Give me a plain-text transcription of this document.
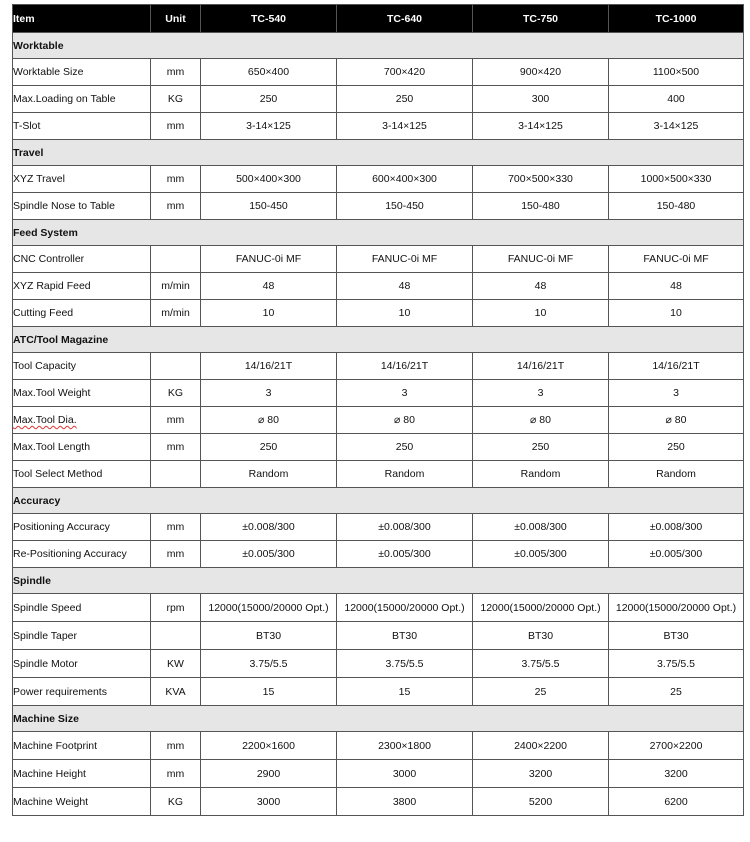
Item	Unit	TC-540	TC-640	TC-750	TC-1000
Worktable					
Worktable Size	mm	650×400	700×420	900×420	1100×500
Max.Loading on Table	KG	250	250	300	400
T-Slot	mm	3-14×125	3-14×125	3-14×125	3-14×125
Travel					
XYZ Travel	mm	500×400×300	600×400×300	700×500×330	1000×500×330
Spindle Nose to Table	mm	150-450	150-450	150-480	150-480
Feed System					
CNC Controller		FANUC-0i MF	FANUC-0i MF	FANUC-0i MF	FANUC-0i MF
XYZ Rapid Feed	m/min	48	48	48	48
Cutting Feed	m/min	10	10	10	10
ATC/Tool Magazine					
Tool Capacity		14/16/21T	14/16/21T	14/16/21T	14/16/21T
Max.Tool Weight	KG	3	3	3	3
Max.Tool Dia.	mm	⌀ 80	⌀ 80	⌀ 80	⌀ 80
Max.Tool Length	mm	250	250	250	250
Tool Select Method		Random	Random	Random	Random
Accuracy					
Positioning Accuracy	mm	±0.008/300	±0.008/300	±0.008/300	±0.008/300
Re-Positioning Accuracy	mm	±0.005/300	±0.005/300	±0.005/300	±0.005/300
Spindle					
Spindle Speed	rpm	12000(15000/20000 Opt.)	12000(15000/20000 Opt.)	12000(15000/20000 Opt.)	12000(15000/20000 Opt.)
Spindle Taper		BT30	BT30	BT30	BT30
Spindle Motor	KW	3.75/5.5	3.75/5.5	3.75/5.5	3.75/5.5
Power requirements	KVA	15	15	25	25
Machine Size					
Machine Footprint	mm	2200×1600	2300×1800	2400×2200	2700×2200
Machine Height	mm	2900	3000	3200	3200
Machine Weight	KG	3000	3800	5200	6200
